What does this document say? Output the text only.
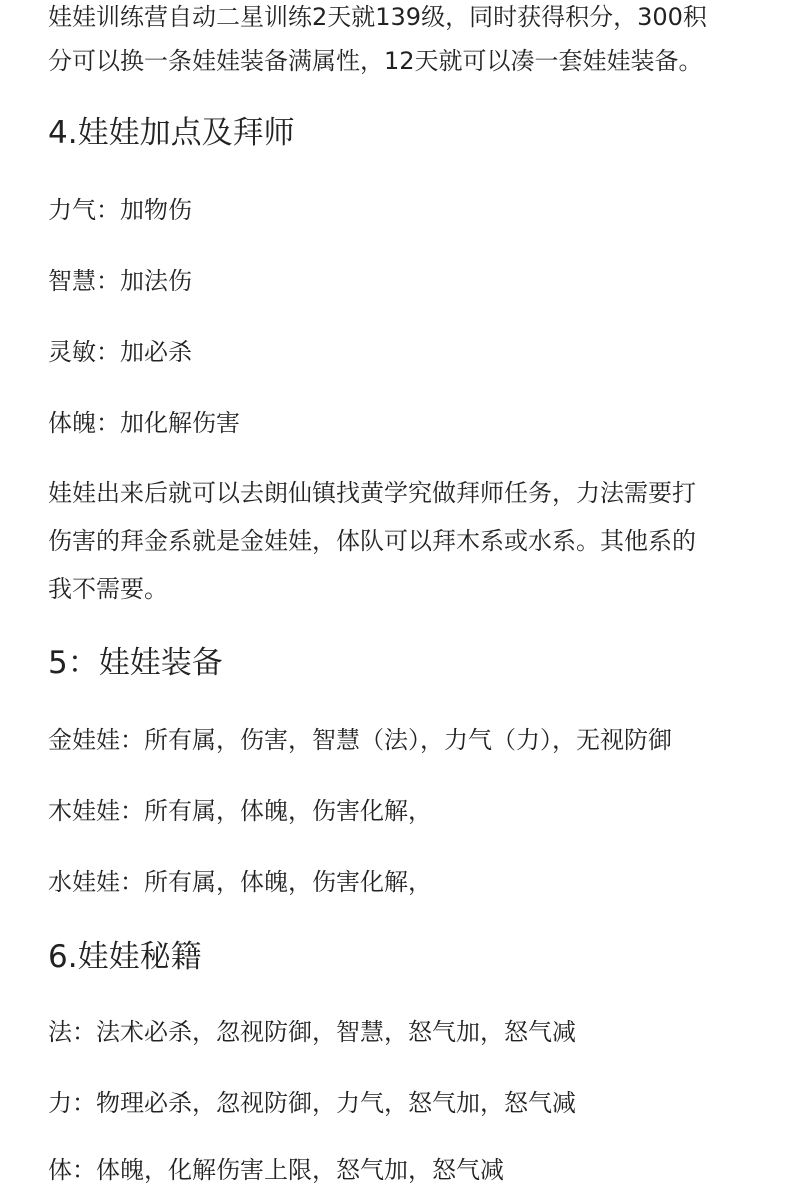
娃娃训练营自动二星训练2天就139级，同时获得积分，300积
分可以换一条娃娃装备满属性，12天就可以凑一套娃娃装备。

4.娃娃加点及拜师

力气：加物伤

智慧：加法伤

灵敏：加必杀

体魄：加化解伤害

娃娃出来后就可以去朗仙镇找黄学究做拜师任务，力法需要打
伤害的拜金系就是金娃娃，体队可以拜木系或水系。其他系的
我不需要。

5：娃娃装备

金娃娃：所有属，伤害，智慧（法），力气（力），无视防御

木娃娃：所有属，体魄，伤害化解，

水娃娃：所有属，体魄，伤害化解，

6.娃娃秘籍

法：法术必杀，忽视防御，智慧，怒气加，怒气减

力：物理必杀，忽视防御，力气，怒气加，怒气减

体：体魄，化解伤害上限，怒气加，怒气减
